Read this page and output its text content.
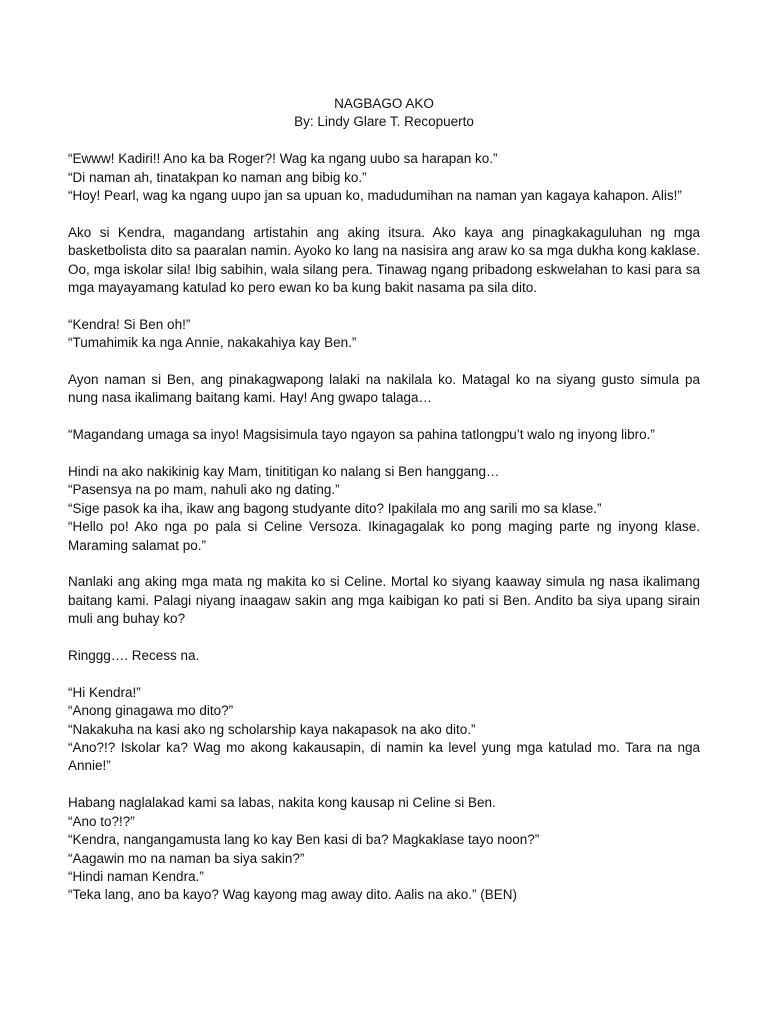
NAGBAGO AKO

By: Lindy Glare T. Recopuerto

“Ewww! Kadiri!! Ano ka ba Roger?! Wag ka ngang uubo sa harapan ko.”

“Di naman ah, tinatakpan ko naman ang bibig ko.”

“Hoy! Pearl, wag ka ngang uupo jan sa upuan ko, madudumihan na naman yan kagaya kahapon. Alis!”

Ako si Kendra, magandang artistahin ang aking itsura. Ako kaya ang pinagkakaguluhan ng mga basketbolista dito sa paaralan namin. Ayoko ko lang na nasisira ang araw ko sa mga dukha kong kaklase. Oo, mga iskolar sila! Ibig sabihin, wala silang pera. Tinawag ngang pribadong eskwelahan to kasi para sa mga mayayamang katulad ko pero ewan ko ba kung bakit nasama pa sila dito.

“Kendra! Si Ben oh!”

“Tumahimik ka nga Annie, nakakahiya kay Ben.”

Ayon naman si Ben, ang pinakagwapong lalaki na nakilala ko. Matagal ko na siyang gusto simula pa nung nasa ikalimang baitang kami. Hay! Ang gwapo talaga…

“Magandang umaga sa inyo! Magsisimula tayo ngayon sa pahina tatlongpu’t walo ng inyong libro.”

Hindi na ako nakikinig kay Mam, tinititigan ko nalang si Ben hanggang…

“Pasensya na po mam, nahuli ako ng dating.”

“Sige pasok ka iha, ikaw ang bagong studyante dito? Ipakilala mo ang sarili mo sa klase.”

“Hello po! Ako nga po pala si Celine Versoza. Ikinagagalak ko pong maging parte ng inyong klase. Maraming salamat po.”

Nanlaki ang aking mga mata ng makita ko si Celine. Mortal ko siyang kaaway simula ng nasa ikalimang baitang kami. Palagi niyang inaagaw sakin ang mga kaibigan ko pati si Ben. Andito ba siya upang sirain muli ang buhay ko?

Ringgg…. Recess na.

“Hi Kendra!”

“Anong ginagawa mo dito?”

“Nakakuha na kasi ako ng scholarship kaya nakapasok na ako dito.”

“Ano?!? Iskolar ka? Wag mo akong kakausapin, di namin ka level yung mga katulad mo. Tara na nga Annie!”

Habang naglalakad kami sa labas, nakita kong kausap ni Celine si Ben.

“Ano to?!?”

“Kendra, nangangamusta lang ko kay Ben kasi di ba? Magkaklase tayo noon?”

“Aagawin mo na naman ba siya sakin?”

“Hindi naman Kendra.”

“Teka lang, ano ba kayo? Wag kayong mag away dito. Aalis na ako.” (BEN)
